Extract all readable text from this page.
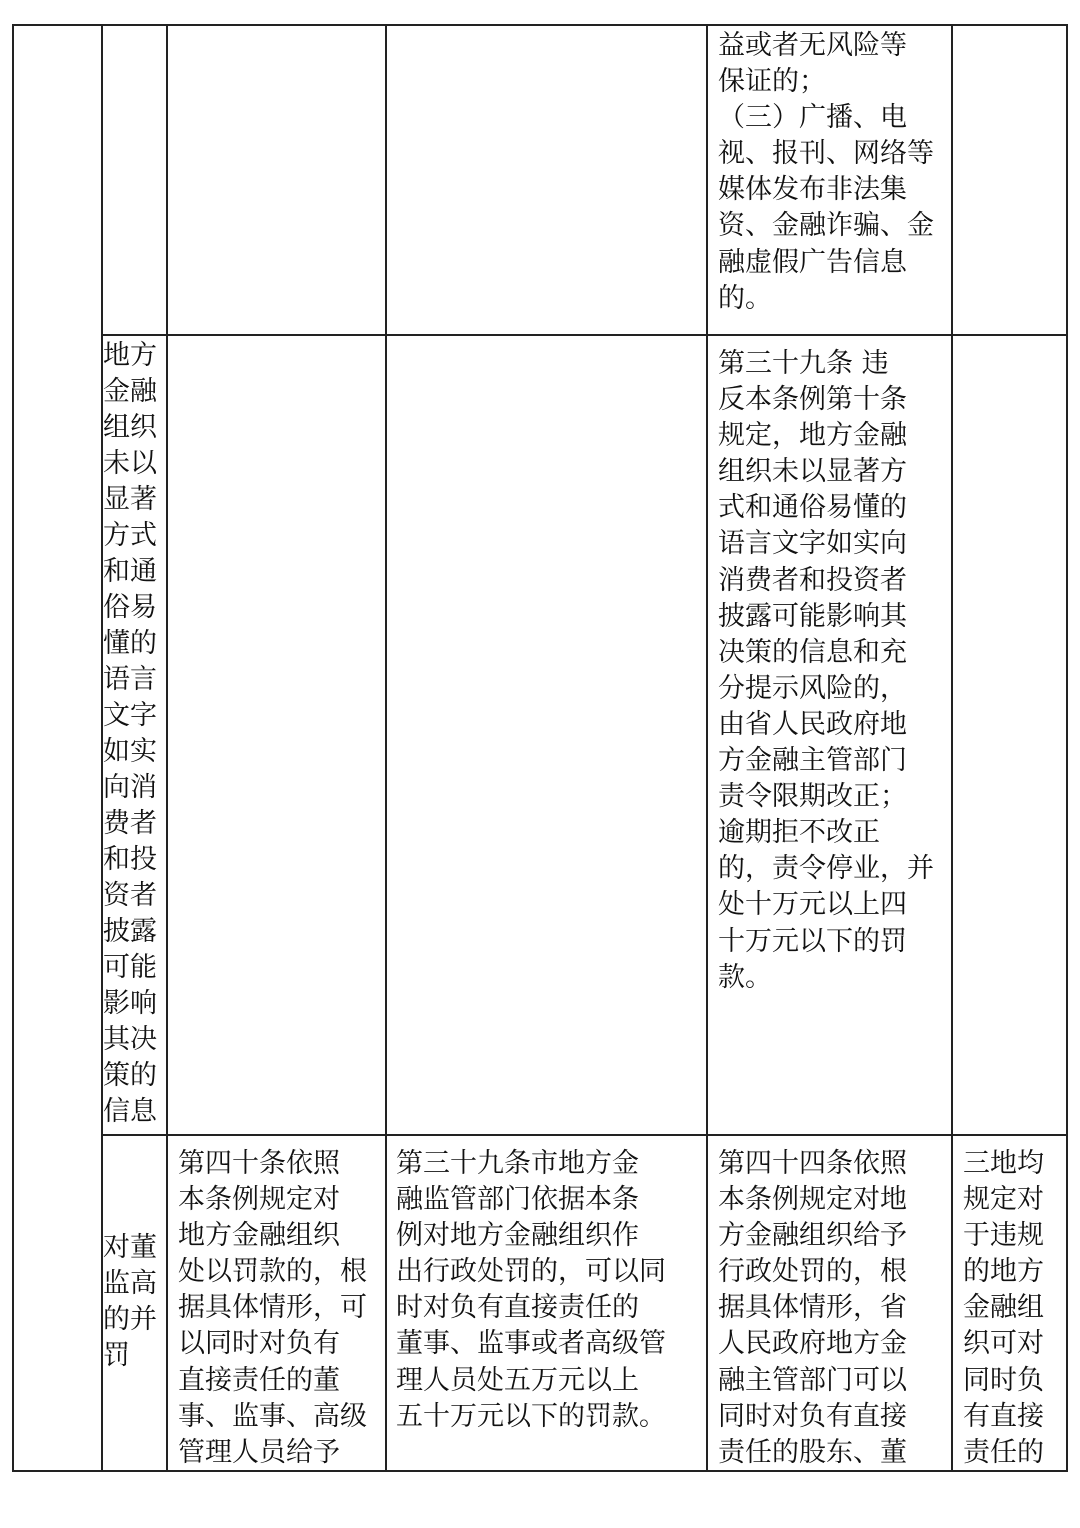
益或者无风险等
保证的；
（三）广播、电
视、报刊、网络等
媒体发布非法集
资、金融诈骗、金
融虚假广告信息
的。
地方
金融
组织
未以
显著
方式
和通
俗易
懂的
语言
文字
如实
向消
费者
和投
资者
披露
可能
影响
其决
策的
信息
第三十九条 违
反本条例第十条
规定，地方金融
组织未以显著方
式和通俗易懂的
语言文字如实向
消费者和投资者
披露可能影响其
决策的信息和充
分提示风险的，
由省人民政府地
方金融主管部门
责令限期改正；
逾期拒不改正
的，责令停业，并
处十万元以上四
十万元以下的罚
款。
对董
监高
的并
罚
第四十条依照
本条例规定对
地方金融组织
处以罚款的，根
据具体情形，可
以同时对负有
直接责任的董
事、监事、高级
管理人员给予
第三十九条市地方金
融监管部门依据本条
例对地方金融组织作
出行政处罚的，可以同
时对负有直接责任的
董事、监事或者高级管
理人员处五万元以上
五十万元以下的罚款。
第四十四条依照
本条例规定对地
方金融组织给予
行政处罚的，根
据具体情形，省
人民政府地方金
融主管部门可以
同时对负有直接
责任的股东、董
三地均
规定对
于违规
的地方
金融组
织可对
同时负
有直接
责任的
